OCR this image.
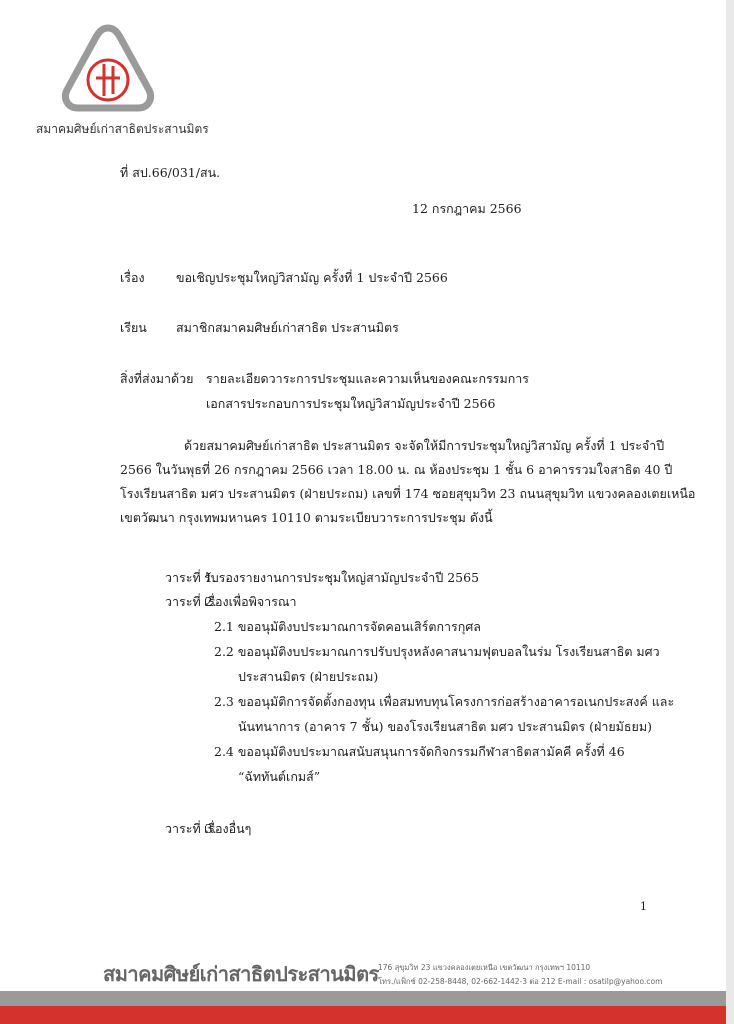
สมาคมศิษย์เก่าสาธิตประสานมิตร
ที่ สป.66/031/สน.
12 กรกฎาคม 2566
เรื่อง	ขอเชิญประชุมใหญ่วิสามัญ ครั้งที่ 1 ประจำปี 2566
เรียน สมาชิกสมาคมศิษย์เก่าสาธิต ประสานมิตร
สิ่งที่ส่งมาด้วย รายละเอียดวาระการประชุมและความเห็นของคณะกรรมการ
เอกสารประกอบการประชุมใหญ่วิสามัญประจำปี 2566
ด้วยสมาคมศิษย์เก่าสาธิต ประสานมิตร จะจัดให้มีการประชุมใหญ่วิสามัญ ครั้งที่ 1 ประจำปี
2566 ในวันพุธที่ 26 กรกฎาคม 2566 เวลา 18.00 น. ณ ห้องประชุม 1 ชั้น 6 อาคารรวมใจสาธิต 40 ปี
โรงเรียนสาธิต มศว ประสานมิตร (ฝ่ายประถม) เลขที่ 174 ซอยสุขุมวิท 23 ถนนสุขุมวิท แขวงคลองเตยเหนือ
เขตวัฒนา กรุงเทพมหานคร 10110 ตามระเบียบวาระการประชุม ดังนี้
วาระที่ 1.
รับรองรายงานการประชุมใหญ่สามัญประจำปี 2565
วาระที่ 2.
เรื่องเพื่อพิจารณา
2.1 ขออนุมัติงบประมาณการจัดคอนเสิร์ตการกุศล
2.2 ขออนุมัติงบประมาณการปรับปรุงหลังคาสนามฟุตบอลในร่ม โรงเรียนสาธิต มศว
ประสานมิตร (ฝ่ายประถม)
2.3 ขออนุมัติการจัดตั้งกองทุน เพื่อสมทบทุนโครงการก่อสร้างอาคารอเนกประสงค์ และ
นันทนาการ (อาคาร 7 ชั้น) ของโรงเรียนสาธิต มศว ประสานมิตร (ฝ่ายมัธยม)
2.4 ขออนุมัติงบประมาณสนับสนุนการจัดกิจกรรมกีฬาสาธิตสามัคคี ครั้งที่ 46
“ฉัททันต์เกมส์”
วาระที่ 3.
เรื่องอื่นๆ
1
สมาคมศิษย์เก่าสาธิตประสานมิตร 176 สุขุมวิท 23 แขวงคลองเตยเหนือ เขตวัฒนา กรุงเทพฯ 10110
โทร./แฟ็กซ์ 02-258-8448, 02-662-1442-3 ต่อ 212 E-mail : osatilp@yahoo.com
